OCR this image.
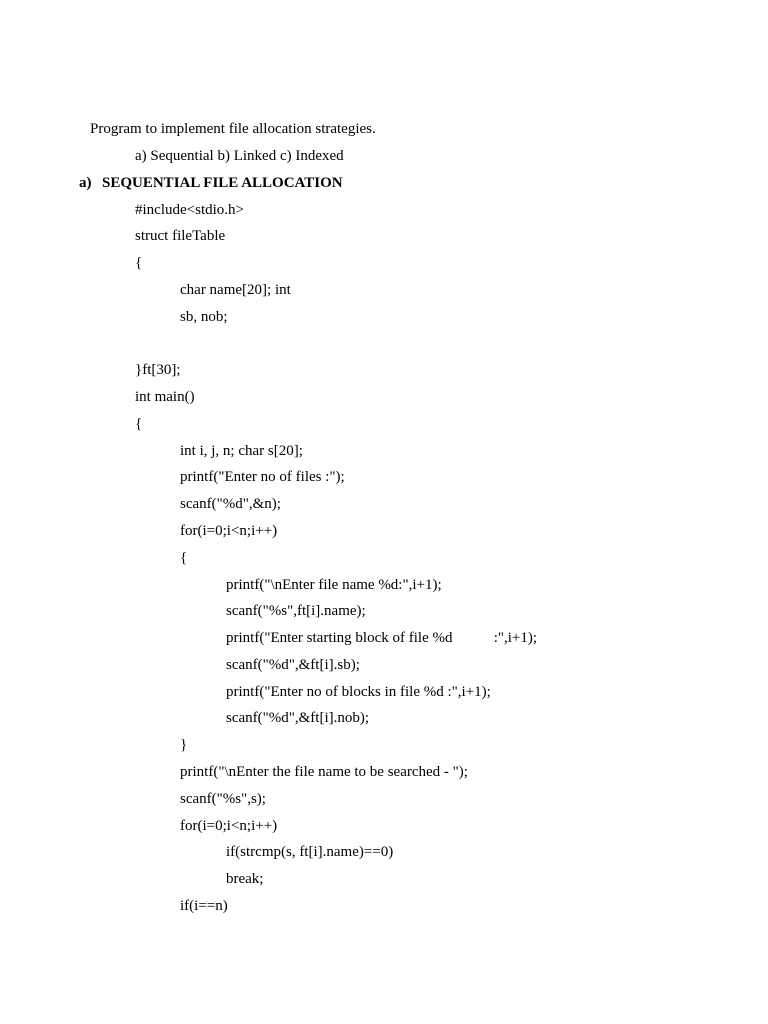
Program to implement file allocation strategies.
a) Sequential b) Linked c) Indexed
a) SEQUENTIAL FILE ALLOCATION
#include<stdio.h>
struct fileTable
{
char name[20]; int
sb, nob;
}ft[30];
int main()
{
int i, j, n; char s[20];
printf("Enter no of files :");
scanf("%d",&n);
for(i=0;i<n;i++)
{
printf("\nEnter file name %d:",i+1);
scanf("%s",ft[i].name);
printf("Enter starting block of file %d           :",i+1);
scanf("%d",&ft[i].sb);
printf("Enter no of blocks in file %d :",i+1);
scanf("%d",&ft[i].nob);
}
printf("\nEnter the file name to be searched - ");
scanf("%s",s);
for(i=0;i<n;i++)
if(strcmp(s, ft[i].name)==0)
break;
if(i==n)
